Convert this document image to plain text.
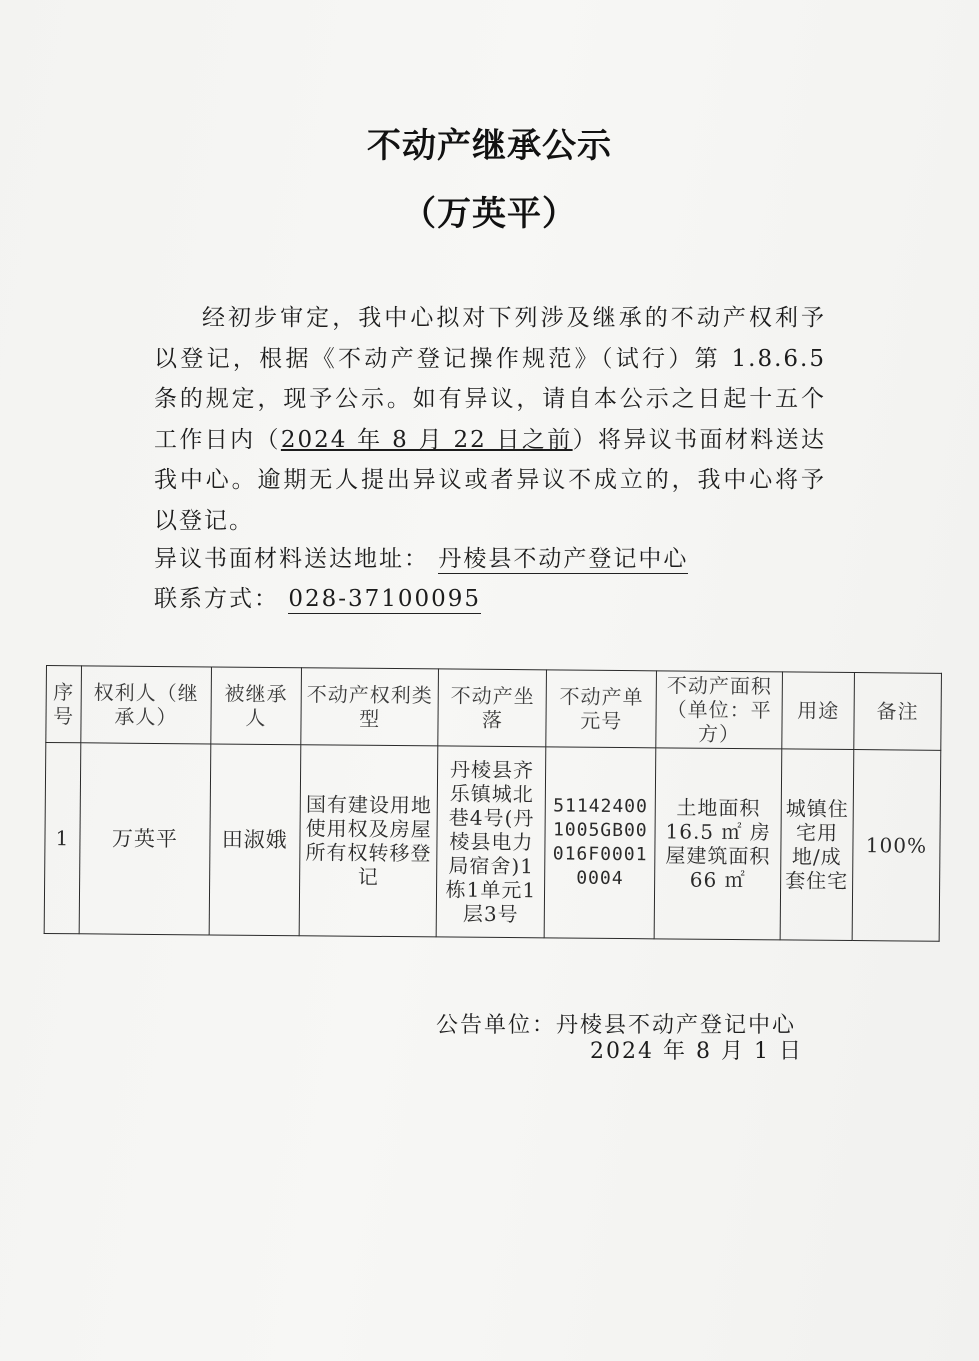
不动产继承公示
（万英平）

经初步审定，我中心拟对下列涉及继承的不动产权利予以登记，根据《不动产登记操作规范》（试行）第 1.8.6.5 条的规定，现予公示。如有异议，请自本公示之日起十五个工作日内（2024 年 8 月 22 日之前）将异议书面材料送达我中心。逾期无人提出异议或者异议不成立的，我中心将予以登记。

异议书面材料送达地址： 丹棱县不动产登记中心
联系方式： 028-37100095
序号	权利人（继承人）	被继承人	不动产权利类型	不动产坐落	不动产单元号	不动产面积（单位：平方）	用途	备注
1	万英平	田淑娥	国有建设用地使用权及房屋所有权转移登记	丹棱县齐乐镇城北巷4号(丹棱县电力局宿舍)1栋1单元1层3号	511424001005GB00016F00010004	土地面积 16.5 ㎡ 房屋建筑面积 66 ㎡	城镇住宅用地/成套住宅	100%
公告单位：丹棱县不动产登记中心
2024 年 8 月 1 日
